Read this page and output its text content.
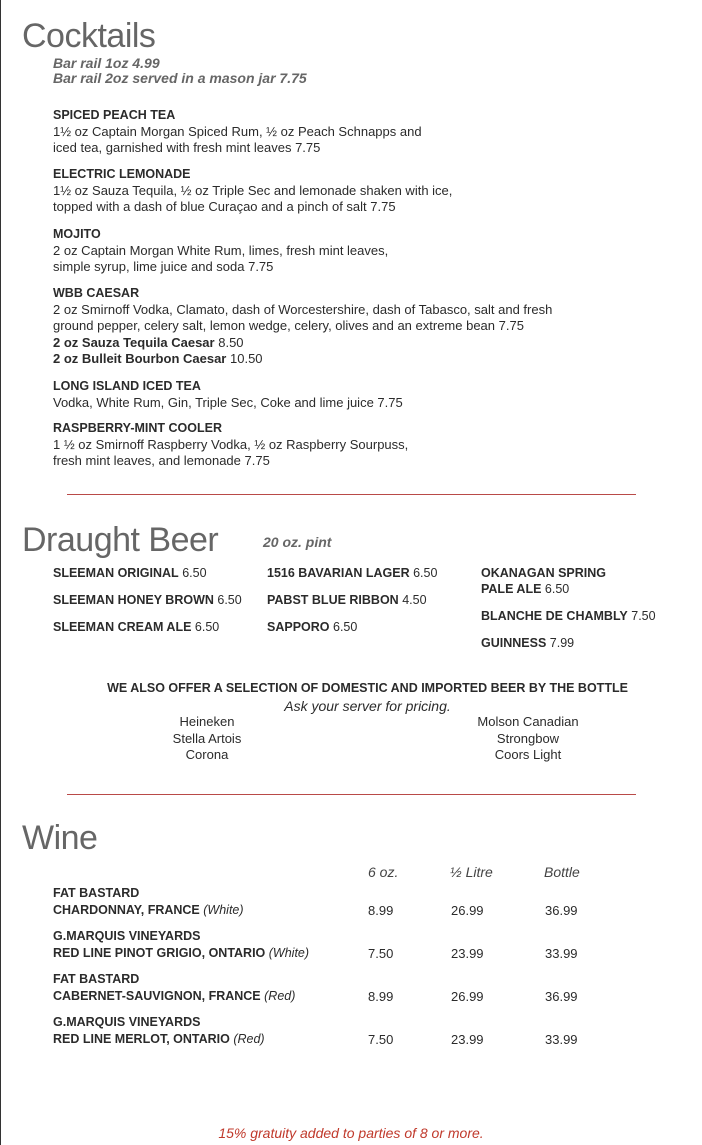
Cocktails
Bar rail 1oz 4.99
Bar rail 2oz served in a mason jar 7.75
SPICED PEACH TEA
1½ oz Captain Morgan Spiced Rum, ½ oz Peach Schnapps and
iced tea, garnished with fresh mint leaves 7.75
ELECTRIC LEMONADE
1½ oz Sauza Tequila, ½ oz Triple Sec and lemonade shaken with ice,
topped with a dash of blue Curaçao and a pinch of salt 7.75
MOJITO
2 oz Captain Morgan White Rum, limes, fresh mint leaves,
simple syrup, lime juice and soda 7.75
WBB CAESAR
2 oz Smirnoff Vodka, Clamato, dash of Worcestershire, dash of Tabasco, salt and fresh
ground pepper, celery salt, lemon wedge, celery, olives and an extreme bean 7.75
2 oz Sauza Tequila Caesar 8.50
2 oz Bulleit Bourbon Caesar 10.50
LONG ISLAND ICED TEA
Vodka, White Rum, Gin, Triple Sec, Coke and lime juice 7.75
RASPBERRY-MINT COOLER
1 ½ oz Smirnoff Raspberry Vodka, ½ oz Raspberry Sourpuss,
fresh mint leaves, and lemonade 7.75
Draught Beer	20 oz. pint
SLEEMAN ORIGINAL 6.50
SLEEMAN HONEY BROWN 6.50
SLEEMAN CREAM ALE 6.50
1516 BAVARIAN LAGER 6.50
PABST BLUE RIBBON 4.50
SAPPORO 6.50
OKANAGAN SPRING
PALE ALE 6.50
BLANCHE DE CHAMBLY 7.50
GUINNESS 7.99
WE ALSO OFFER A SELECTION OF DOMESTIC AND IMPORTED BEER BY THE BOTTLE
Ask your server for pricing.
Heineken
Stella Artois
Corona
Molson Canadian
Strongbow
Coors Light
Wine
6 oz.	½ Litre	Bottle
FAT BASTARD
CHARDONNAY, FRANCE (White)	8.99	26.99	36.99
G.MARQUIS VINEYARDS
RED LINE PINOT GRIGIO, ONTARIO (White)	7.50	23.99	33.99
FAT BASTARD
CABERNET-SAUVIGNON, FRANCE (Red)	8.99	26.99	36.99
G.MARQUIS VINEYARDS
RED LINE MERLOT, ONTARIO (Red)	7.50	23.99	33.99
15% gratuity added to parties of 8 or more.
